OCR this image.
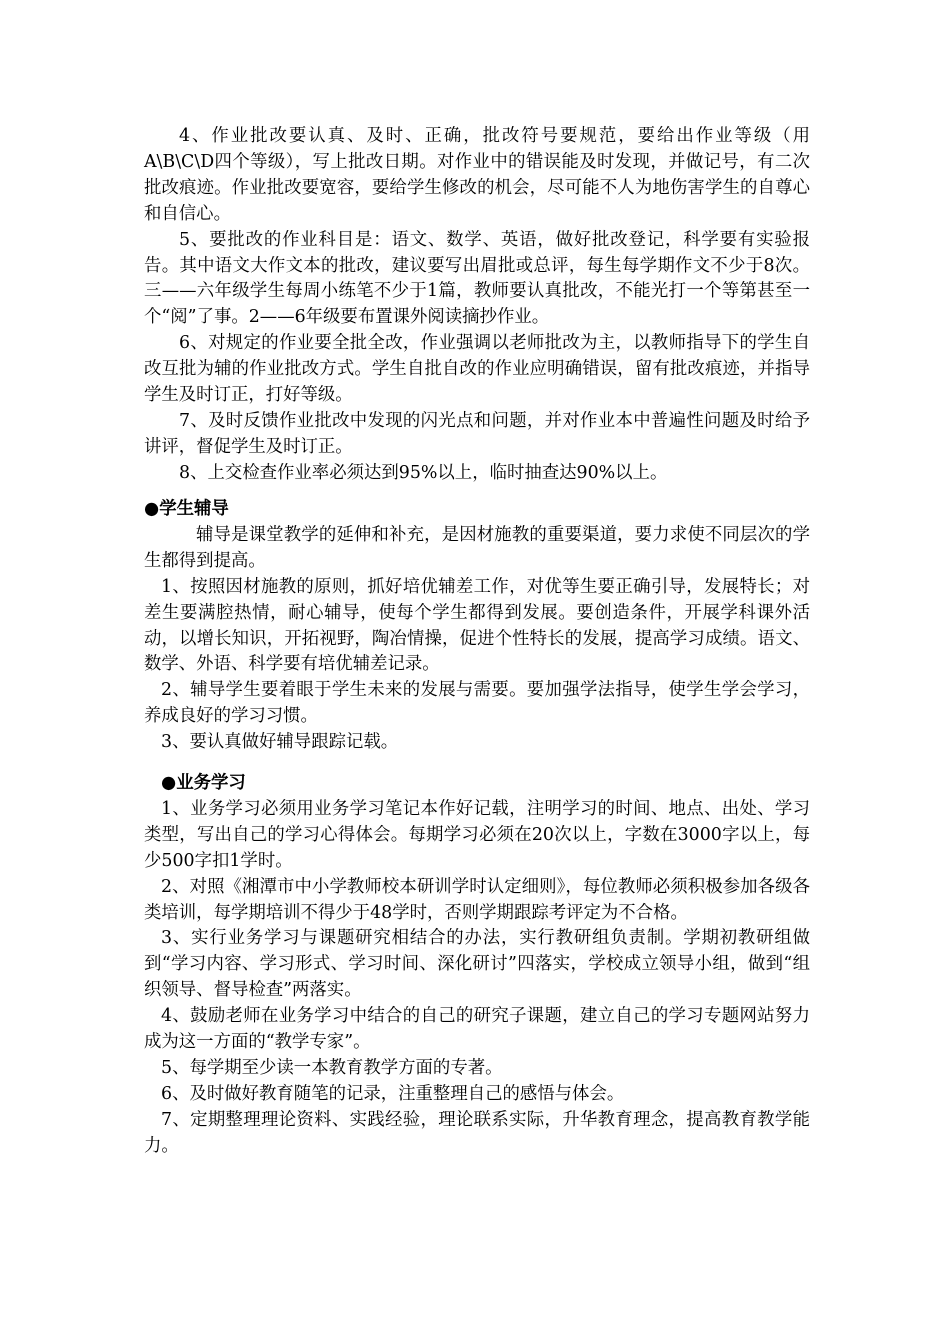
4、作业批改要认真、及时、正确，批改符号要规范，要给出作业等级（用A\B\C\D四个等级），写上批改日期。对作业中的错误能及时发现，并做记号，有二次批改痕迹。作业批改要宽容，要给学生修改的机会，尽可能不人为地伤害学生的自尊心和自信心。

5、要批改的作业科目是：语文、数学、英语，做好批改登记，科学要有实验报告。其中语文大作文本的批改，建议要写出眉批或总评，每生每学期作文不少于8次。三——六年级学生每周小练笔不少于1篇，教师要认真批改，不能光打一个等第甚至一个“阅”了事。2——6年级要布置课外阅读摘抄作业。

6、对规定的作业要全批全改，作业强调以老师批改为主，以教师指导下的学生自改互批为辅的作业批改方式。学生自批自改的作业应明确错误，留有批改痕迹，并指导学生及时订正，打好等级。

7、及时反馈作业批改中发现的闪光点和问题，并对作业本中普遍性问题及时给予讲评，督促学生及时订正。

8、上交检查作业率必须达到95%以上，临时抽查达90%以上。

●学生辅导

辅导是课堂教学的延伸和补充，是因材施教的重要渠道，要力求使不同层次的学生都得到提高。

1、按照因材施教的原则，抓好培优辅差工作，对优等生要正确引导，发展特长；对差生要满腔热情，耐心辅导，使每个学生都得到发展。要创造条件，开展学科课外活动，以增长知识，开拓视野，陶冶情操，促进个性特长的发展，提高学习成绩。语文、数学、外语、科学要有培优辅差记录。

2、辅导学生要着眼于学生未来的发展与需要。要加强学法指导，使学生学会学习，养成良好的学习习惯。

3、要认真做好辅导跟踪记载。

●业务学习

1、业务学习必须用业务学习笔记本作好记载，注明学习的时间、地点、出处、学习类型，写出自己的学习心得体会。每期学习必须在20次以上，字数在3000字以上，每少500字扣1学时。

2、对照《湘潭市中小学教师校本研训学时认定细则》，每位教师必须积极参加各级各类培训，每学期培训不得少于48学时，否则学期跟踪考评定为不合格。

3、实行业务学习与课题研究相结合的办法，实行教研组负责制。学期初教研组做到“学习内容、学习形式、学习时间、深化研讨”四落实，学校成立领导小组，做到“组织领导、督导检查”两落实。

4、鼓励老师在业务学习中结合的自己的研究子课题，建立自己的学习专题网站努力成为这一方面的“教学专家”。

5、每学期至少读一本教育教学方面的专著。

6、及时做好教育随笔的记录，注重整理自己的感悟与体会。

7、定期整理理论资料、实践经验，理论联系实际，升华教育理念，提高教育教学能力。
